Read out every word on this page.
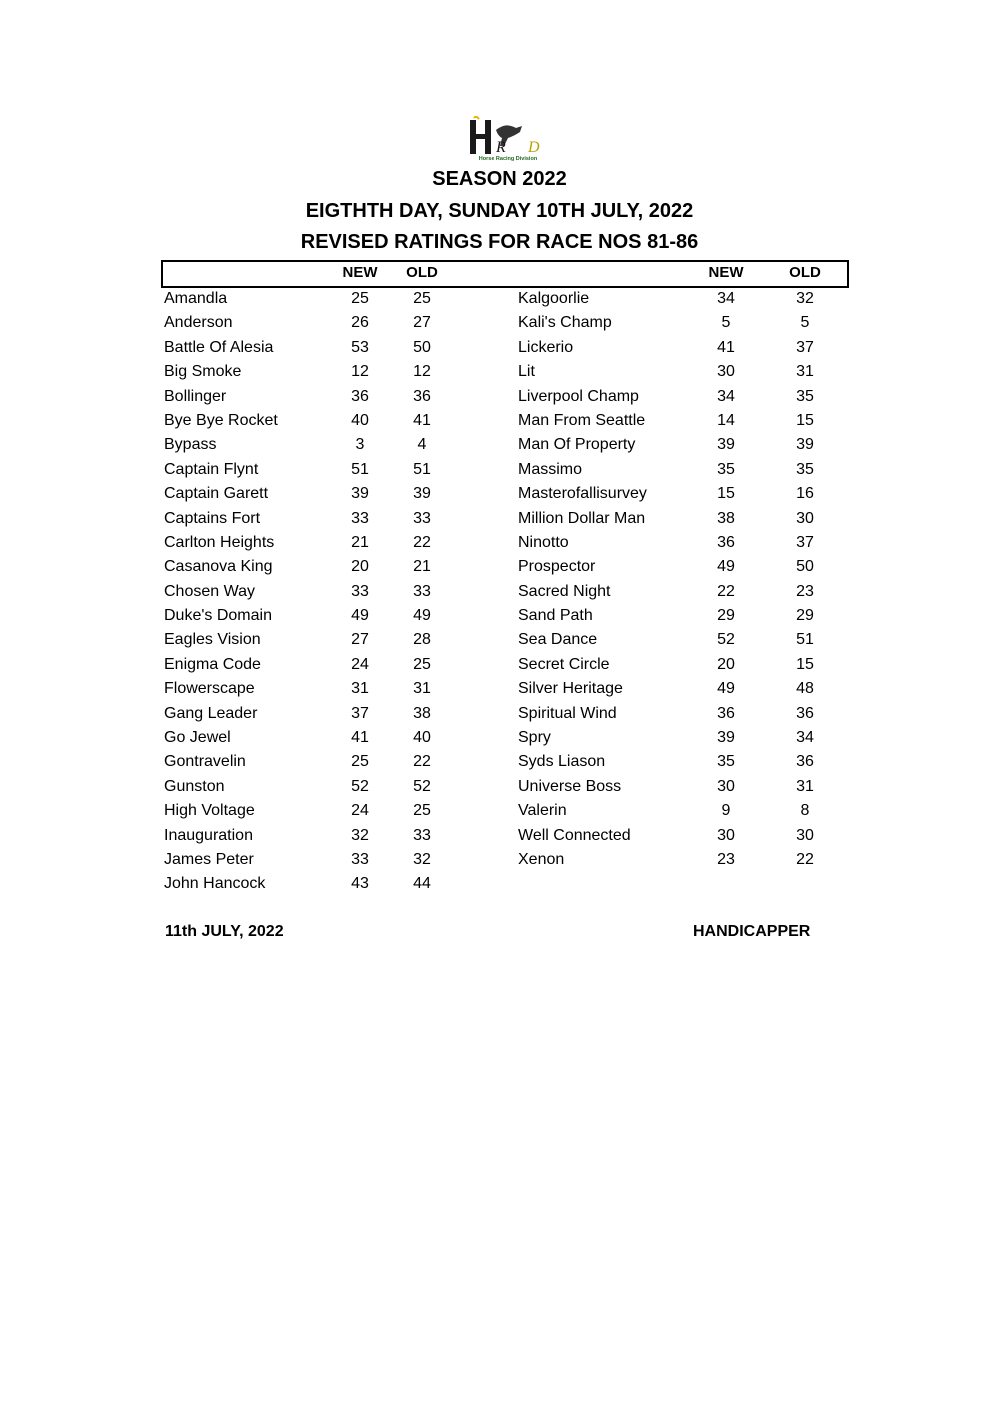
R D
Horse Racing Division
SEASON 2022
EIGTHTH DAY, SUNDAY 10TH JULY, 2022
REVISED RATINGS FOR RACE NOS 81-86
NEW	OLD	NEW	OLD
Amandla	25	25
Anderson	26	27
Battle Of Alesia	53	50
Big Smoke	12	12
Bollinger	36	36
Bye Bye Rocket	40	41
Bypass	3	4
Captain Flynt	51	51
Captain Garett	39	39
Captains Fort	33	33
Carlton Heights	21	22
Casanova King	20	21
Chosen Way	33	33
Duke's Domain	49	49
Eagles Vision	27	28
Enigma Code	24	25
Flowerscape	31	31
Gang Leader	37	38
Go Jewel	41	40
Gontravelin	25	22
Gunston	52	52
High Voltage	24	25
Inauguration	32	33
James Peter	33	32
John Hancock	43	44
Kalgoorlie	34	32
Kali's Champ	5	5
Lickerio	41	37
Lit	30	31
Liverpool Champ	34	35
Man From Seattle	14	15
Man Of Property	39	39
Massimo	35	35
Masterofallisurvey	15	16
Million Dollar Man	38	30
Ninotto	36	37
Prospector	49	50
Sacred Night	22	23
Sand Path	29	29
Sea Dance	52	51
Secret Circle	20	15
Silver Heritage	49	48
Spiritual Wind	36	36
Spry	39	34
Syds Liason	35	36
Universe Boss	30	31
Valerin	9	8
Well Connected	30	30
Xenon	23	22
11th JULY, 2022	HANDICAPPER
